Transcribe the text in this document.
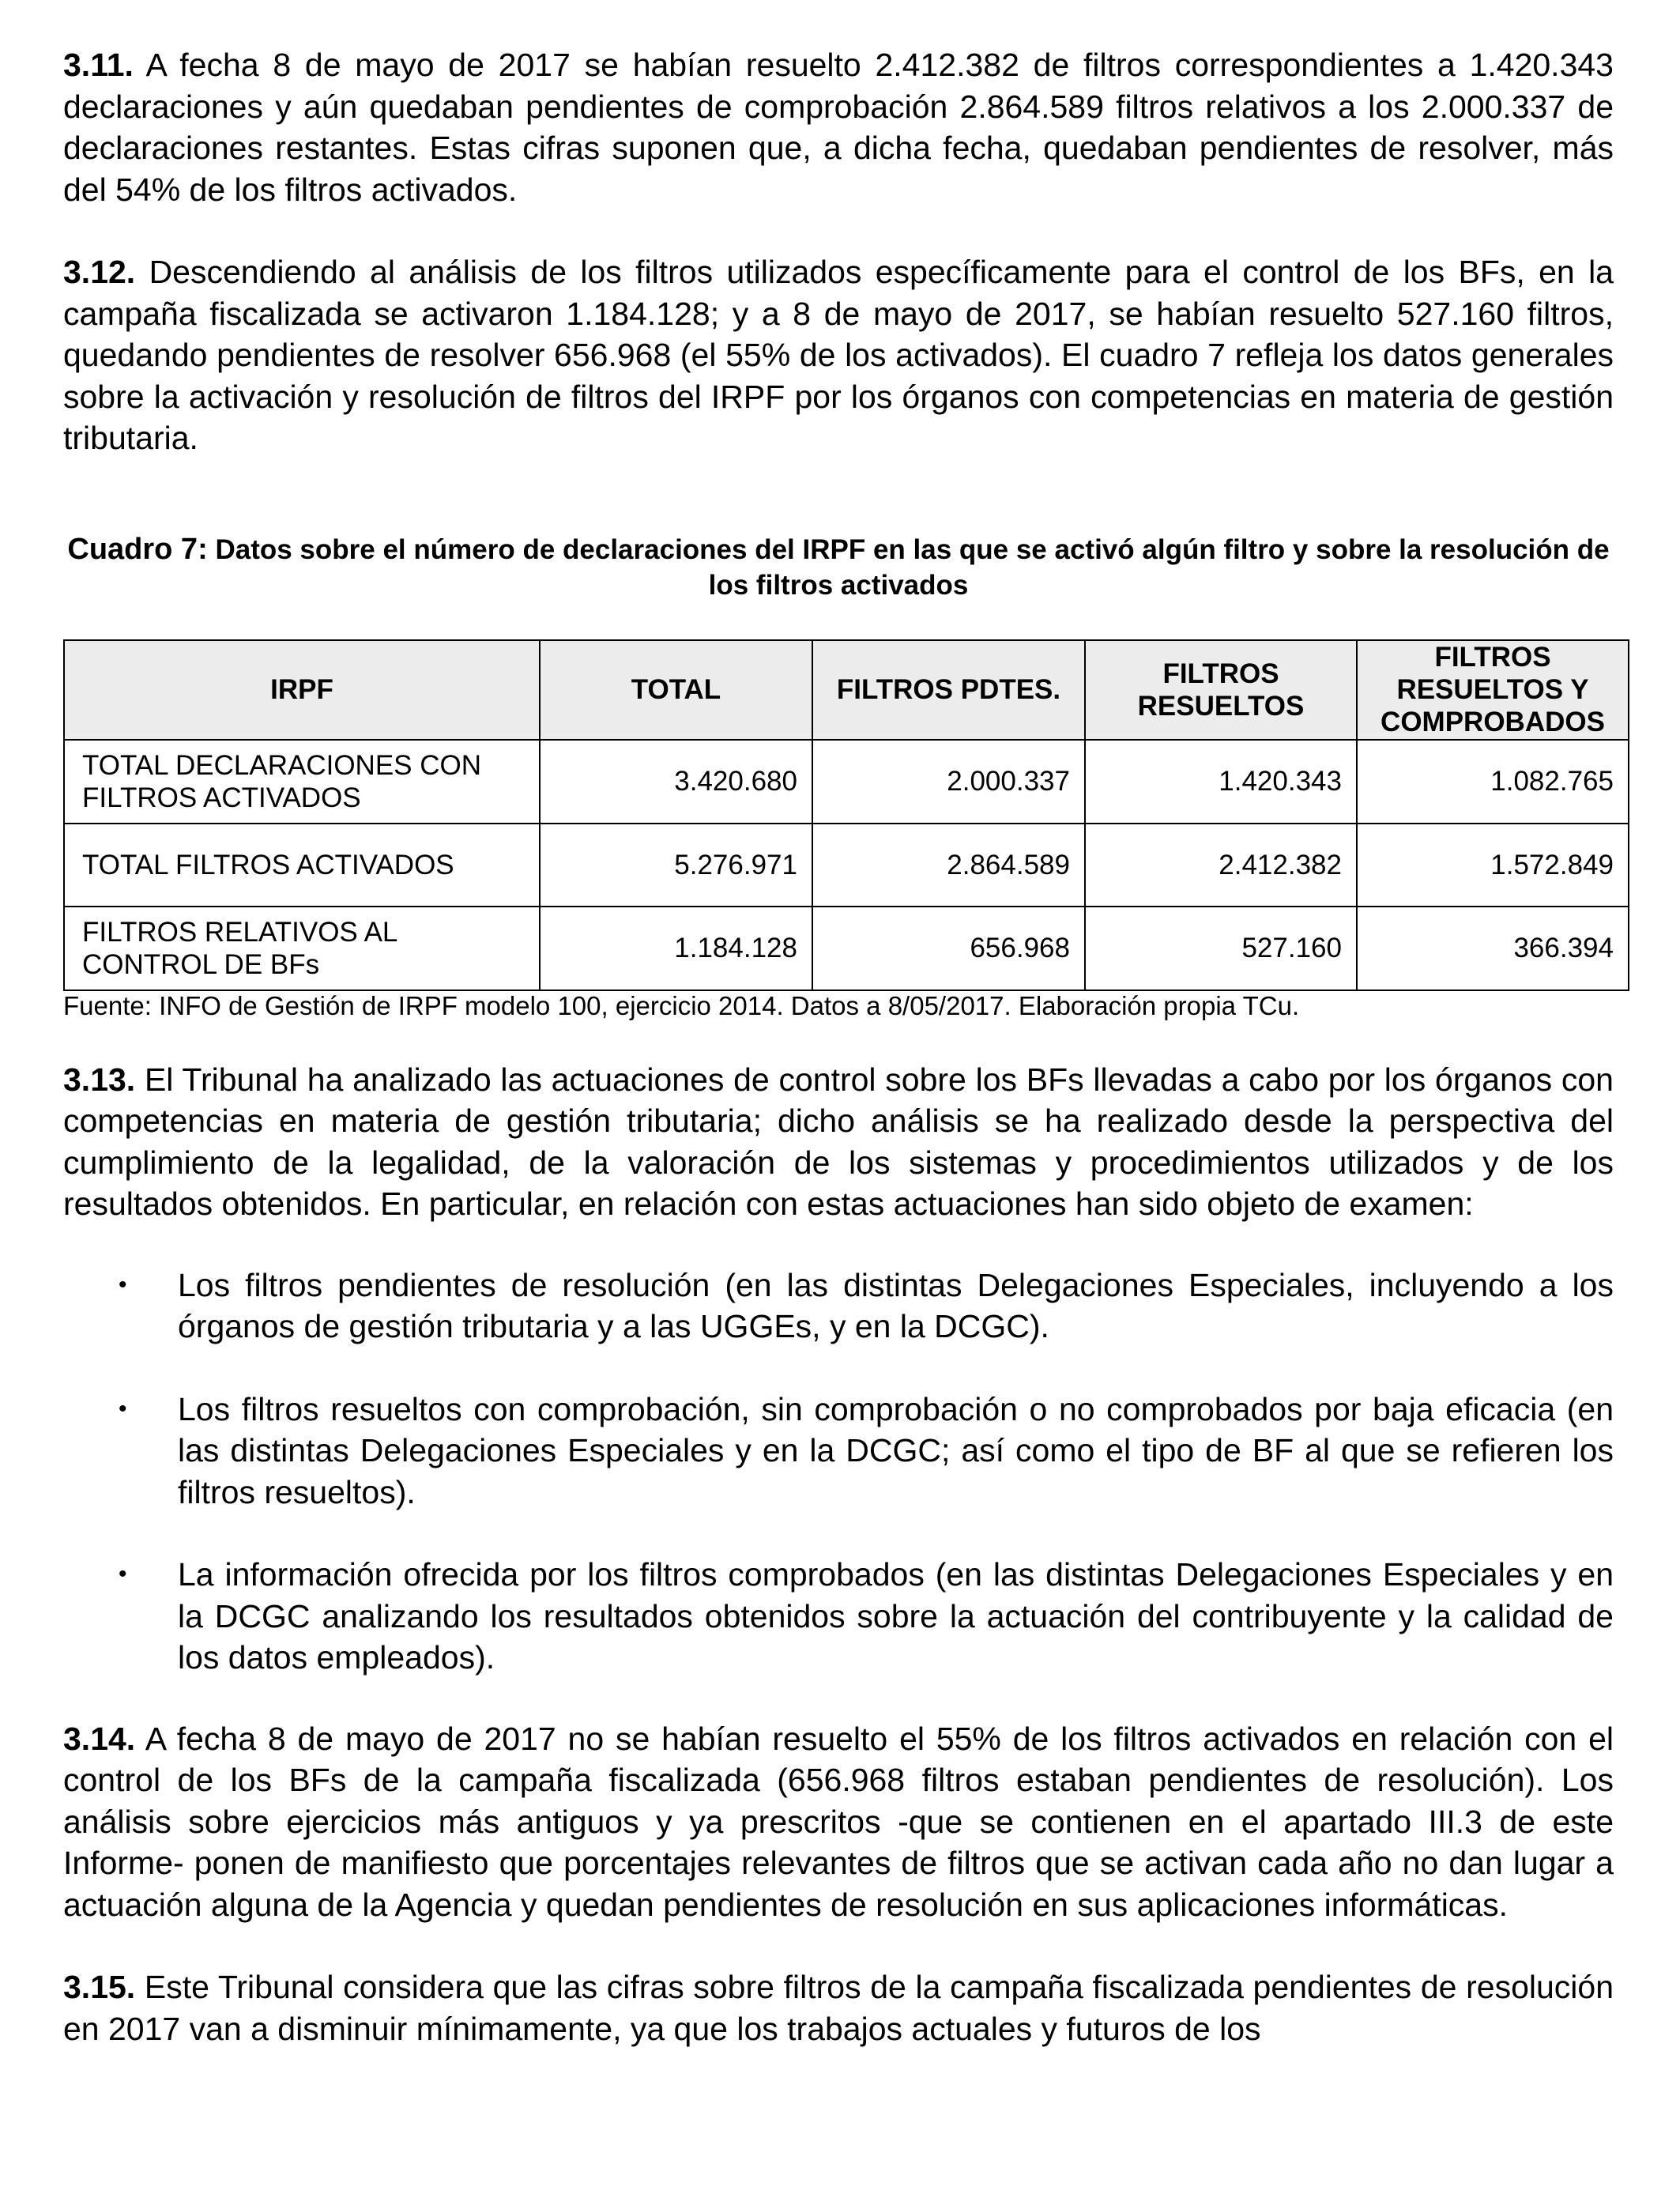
3.11. A fecha 8 de mayo de 2017 se habían resuelto 2.412.382 de filtros correspondientes a 1.420.343 declaraciones y aún quedaban pendientes de comprobación 2.864.589 filtros relativos a los 2.000.337 de declaraciones restantes. Estas cifras suponen que, a dicha fecha, quedaban pendientes de resolver, más del 54% de los filtros activados.

3.12. Descendiendo al análisis de los filtros utilizados específicamente para el control de los BFs, en la campaña fiscalizada se activaron 1.184.128; y a 8 de mayo de 2017, se habían resuelto 527.160 filtros, quedando pendientes de resolver 656.968 (el 55% de los activados). El cuadro 7 refleja los datos generales sobre la activación y resolución de filtros del IRPF por los órganos con competencias en materia de gestión tributaria.

Cuadro 7: Datos sobre el número de declaraciones del IRPF en las que se activó algún filtro y sobre la resolución de los filtros activados

IRPF	TOTAL	FILTROS PDTES.	FILTROS RESUELTOS	FILTROS RESUELTOS Y COMPROBADOS
TOTAL DECLARACIONES CON FILTROS ACTIVADOS	3.420.680	2.000.337	1.420.343	1.082.765
TOTAL FILTROS ACTIVADOS	5.276.971	2.864.589	2.412.382	1.572.849
FILTROS RELATIVOS AL CONTROL DE BFs	1.184.128	656.968	527.160	366.394

Fuente: INFO de Gestión de IRPF modelo 100, ejercicio 2014. Datos a 8/05/2017. Elaboración propia TCu.

3.13. El Tribunal ha analizado las actuaciones de control sobre los BFs llevadas a cabo por los órganos con competencias en materia de gestión tributaria; dicho análisis se ha realizado desde la perspectiva del cumplimiento de la legalidad, de la valoración de los sistemas y procedimientos utilizados y de los resultados obtenidos. En particular, en relación con estas actuaciones han sido objeto de examen:

• Los filtros pendientes de resolución (en las distintas Delegaciones Especiales, incluyendo a los órganos de gestión tributaria y a las UGGEs, y en la DCGC).
• Los filtros resueltos con comprobación, sin comprobación o no comprobados por baja eficacia (en las distintas Delegaciones Especiales y en la DCGC; así como el tipo de BF al que se refieren los filtros resueltos).
• La información ofrecida por los filtros comprobados (en las distintas Delegaciones Especiales y en la DCGC analizando los resultados obtenidos sobre la actuación del contribuyente y la calidad de los datos empleados).

3.14. A fecha 8 de mayo de 2017 no se habían resuelto el 55% de los filtros activados en relación con el control de los BFs de la campaña fiscalizada (656.968 filtros estaban pendientes de resolución). Los análisis sobre ejercicios más antiguos y ya prescritos -que se contienen en el apartado III.3 de este Informe- ponen de manifiesto que porcentajes relevantes de filtros que se activan cada año no dan lugar a actuación alguna de la Agencia y quedan pendientes de resolución en sus aplicaciones informáticas.

3.15. Este Tribunal considera que las cifras sobre filtros de la campaña fiscalizada pendientes de resolución en 2017 van a disminuir mínimamente, ya que los trabajos actuales y futuros de los
